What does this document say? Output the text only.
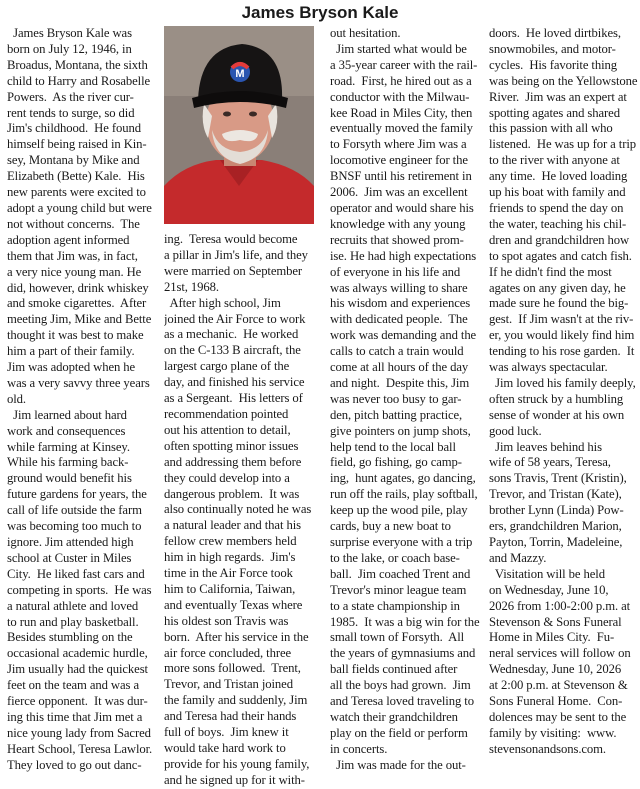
James Bryson Kale
M
James Bryson Kale was
born on July 12, 1946, in
Broadus, Montana, the sixth
child to Harry and Rosabelle
Powers.  As the river cur-
rent tends to surge, so did
Jim's childhood.  He found
himself being raised in Kin-
sey, Montana by Mike and
Elizabeth (Bette) Kale.  His
new parents were excited to
adopt a young child but were
not without concerns.  The
adoption agent informed
them that Jim was, in fact,
a very nice young man. He
did, however, drink whiskey
and smoke cigarettes.  After
meeting Jim, Mike and Bette
thought it was best to make
him a part of their family.
Jim was adopted when he
was a very savvy three years
old.
Jim learned about hard
work and consequences
while farming at Kinsey.
While his farming back-
ground would benefit his
future gardens for years, the
call of life outside the farm
was becoming too much to
ignore. Jim attended high
school at Custer in Miles
City.  He liked fast cars and
competing in sports.  He was
a natural athlete and loved
to run and play basketball.
Besides stumbling on the
occasional academic hurdle,
Jim usually had the quickest
feet on the team and was a
fierce opponent.  It was dur-
ing this time that Jim met a
nice young lady from Sacred
Heart School, Teresa Lawlor.
They loved to go out danc-
ing.  Teresa would become
a pillar in Jim's life, and they
were married on September
21st, 1968.
After high school, Jim
joined the Air Force to work
as a mechanic.  He worked
on the C-133 B aircraft, the
largest cargo plane of the
day, and finished his service
as a Sergeant.  His letters of
recommendation pointed
out his attention to detail,
often spotting minor issues
and addressing them before
they could develop into a
dangerous problem.  It was
also continually noted he was
a natural leader and that his
fellow crew members held
him in high regards.  Jim's
time in the Air Force took
him to California, Taiwan,
and eventually Texas where
his oldest son Travis was
born.  After his service in the
air force concluded, three
more sons followed.  Trent,
Trevor, and Tristan joined
the family and suddenly, Jim
and Teresa had their hands
full of boys.  Jim knew it
would take hard work to
provide for his young family,
and he signed up for it with-
out hesitation.
Jim started what would be
a 35-year career with the rail-
road.  First, he hired out as a
conductor with the Milwau-
kee Road in Miles City, then
eventually moved the family
to Forsyth where Jim was a
locomotive engineer for the
BNSF until his retirement in
2006.  Jim was an excellent
operator and would share his
knowledge with any young
recruits that showed prom-
ise. He had high expectations
of everyone in his life and
was always willing to share
his wisdom and experiences
with dedicated people.  The
work was demanding and the
calls to catch a train would
come at all hours of the day
and night.  Despite this, Jim
was never too busy to gar-
den, pitch batting practice,
give pointers on jump shots,
help tend to the local ball
field, go fishing, go camp-
ing,  hunt agates, go dancing,
run off the rails, play softball,
keep up the wood pile, play
cards, buy a new boat to
surprise everyone with a trip
to the lake, or coach base-
ball.  Jim coached Trent and
Trevor's minor league team
to a state championship in
1985.  It was a big win for the
small town of Forsyth.  All
the years of gymnasiums and
ball fields continued after
all the boys had grown.  Jim
and Teresa loved traveling to
watch their grandchildren
play on the field or perform
in concerts.
Jim was made for the out-
doors.  He loved dirtbikes,
snowmobiles, and motor-
cycles.  His favorite thing
was being on the Yellowstone
River.  Jim was an expert at
spotting agates and shared
this passion with all who
listened.  He was up for a trip
to the river with anyone at
any time.  He loved loading
up his boat with family and
friends to spend the day on
the water, teaching his chil-
dren and grandchildren how
to spot agates and catch fish.
If he didn't find the most
agates on any given day, he
made sure he found the big-
gest.  If Jim wasn't at the riv-
er, you would likely find him
tending to his rose garden.  It
was always spectacular.
Jim loved his family deeply,
often struck by a humbling
sense of wonder at his own
good luck.
Jim leaves behind his
wife of 58 years, Teresa,
sons Travis, Trent (Kristin),
Trevor, and Tristan (Kate),
brother Lynn (Linda) Pow-
ers, grandchildren Marion,
Payton, Torrin, Madeleine,
and Mazzy.
Visitation will be held
on Wednesday, June 10,
2026 from 1:00-2:00 p.m. at
Stevenson & Sons Funeral
Home in Miles City.  Fu-
neral services will follow on
Wednesday, June 10, 2026
at 2:00 p.m. at Stevenson &
Sons Funeral Home.  Con-
dolences may be sent to the
family by visiting:  www.
stevensonandsons.com.
